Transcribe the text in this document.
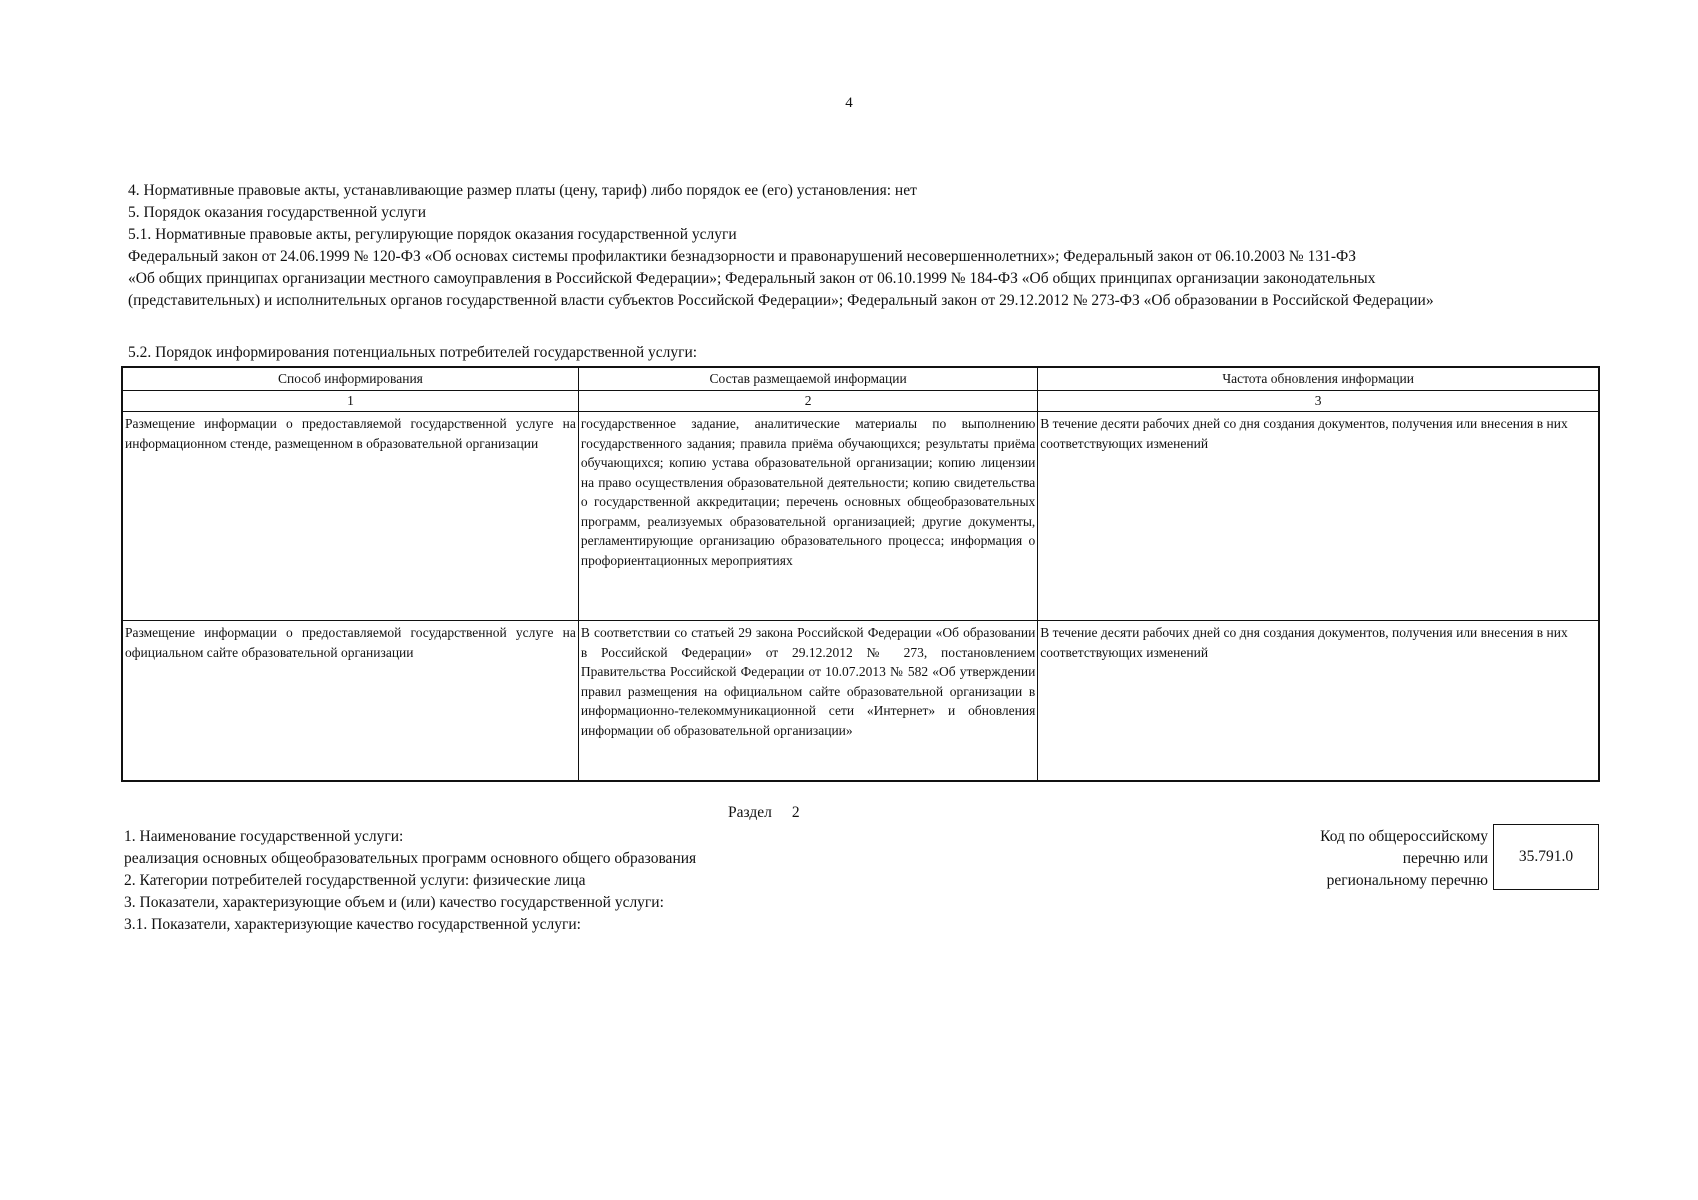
4
4. Нормативные правовые акты, устанавливающие размер платы (цену, тариф) либо порядок ее (его) установления: нет
5. Порядок оказания государственной услуги
5.1. Нормативные правовые акты, регулирующие порядок оказания государственной услуги
Федеральный закон от 24.06.1999 № 120-ФЗ «Об основах системы профилактики безнадзорности и правонарушений несовершеннолетних»; Федеральный закон от 06.10.2003 № 131-ФЗ
«Об общих принципах организации местного самоуправления в Российской Федерации»; Федеральный закон от 06.10.1999 № 184-ФЗ «Об общих принципах организации законодательных
(представительных) и исполнительных органов государственной власти субъектов Российской Федерации»; Федеральный закон от 29.12.2012 № 273-ФЗ «Об образовании в Российской Федерации»
5.2. Порядок информирования потенциальных потребителей государственной услуги:
Способ информирования	Состав размещаемой информации	Частота обновления информации
1	2	3
Размещение информации о предоставляемой государственной услуге на информационном стенде, размещенном в образовательной организации	государственное задание, аналитические материалы по выполнению государственного задания; правила приёма обучающихся; результаты приёма обучающихся; копию устава образовательной организации; копию лицензии на право осуществления образовательной деятельности; копию свидетельства о государственной аккредитации; перечень основных общеобразовательных программ, реализуемых образовательной организацией; другие документы, регламентирующие организацию образовательного процесса; информация о профориентационных мероприятиях	В течение десяти рабочих дней со дня создания документов, получения или внесения в них соответствующих изменений
Размещение информации о предоставляемой государственной услуге на официальном сайте образовательной организации	В соответствии со статьей 29 закона Российской Федерации «Об образовании в Российской Федерации» от 29.12.2012 № 273, постановлением Правительства Российской Федерации от 10.07.2013 № 582 «Об утверждении правил размещения на официальном сайте образовательной организации в информационно-телекоммуникационной сети «Интернет» и обновления информации об образовательной организации»	В течение десяти рабочих дней со дня создания документов, получения или внесения в них соответствующих изменений
Раздел 2
1. Наименование государственной услуги:
реализация основных общеобразовательных программ основного общего образования
2. Категории потребителей государственной услуги: физические лица
3. Показатели, характеризующие объем и (или) качество государственной услуги:
3.1. Показатели, характеризующие качество государственной услуги:
Код по общероссийскому
перечню или
региональному перечню
35.791.0
